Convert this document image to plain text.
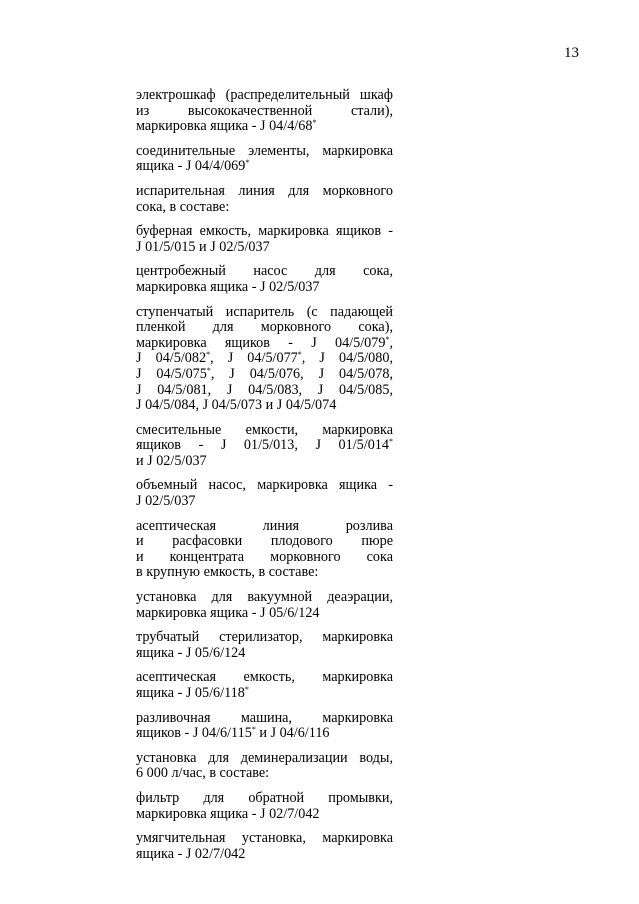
13
электрошкаф (распределительный шкаф
из высококачественной стали),
маркировка ящика - J 04/4/68*
соединительные элементы, маркировка
ящика - J 04/4/069*
испарительная линия для морковного
сока, в составе:
буферная емкость, маркировка ящиков -
J 01/5/015 и J 02/5/037
центробежный насос для сока,
маркировка ящика - J 02/5/037
ступенчатый испаритель (с падающей
пленкой для морковного сока),
маркировка ящиков - J 04/5/079*,
J 04/5/082*, J 04/5/077*, J 04/5/080,
J 04/5/075*, J 04/5/076, J 04/5/078,
J 04/5/081, J 04/5/083, J 04/5/085,
J 04/5/084, J 04/5/073 и J 04/5/074
смесительные емкости, маркировка
ящиков - J 01/5/013, J 01/5/014*
и J 02/5/037
объемный насос, маркировка ящика -
J 02/5/037
асептическая линия розлива
и расфасовки плодового пюре
и концентрата морковного сока
в крупную емкость, в составе:
установка для вакуумной деаэрации,
маркировка ящика - J 05/6/124
трубчатый стерилизатор, маркировка
ящика - J 05/6/124
асептическая емкость, маркировка
ящика - J 05/6/118*
разливочная машина, маркировка
ящиков - J 04/6/115* и J 04/6/116
установка для деминерализации воды,
6 000 л/час, в составе:
фильтр для обратной промывки,
маркировка ящика - J 02/7/042
умягчительная установка, маркировка
ящика - J 02/7/042
